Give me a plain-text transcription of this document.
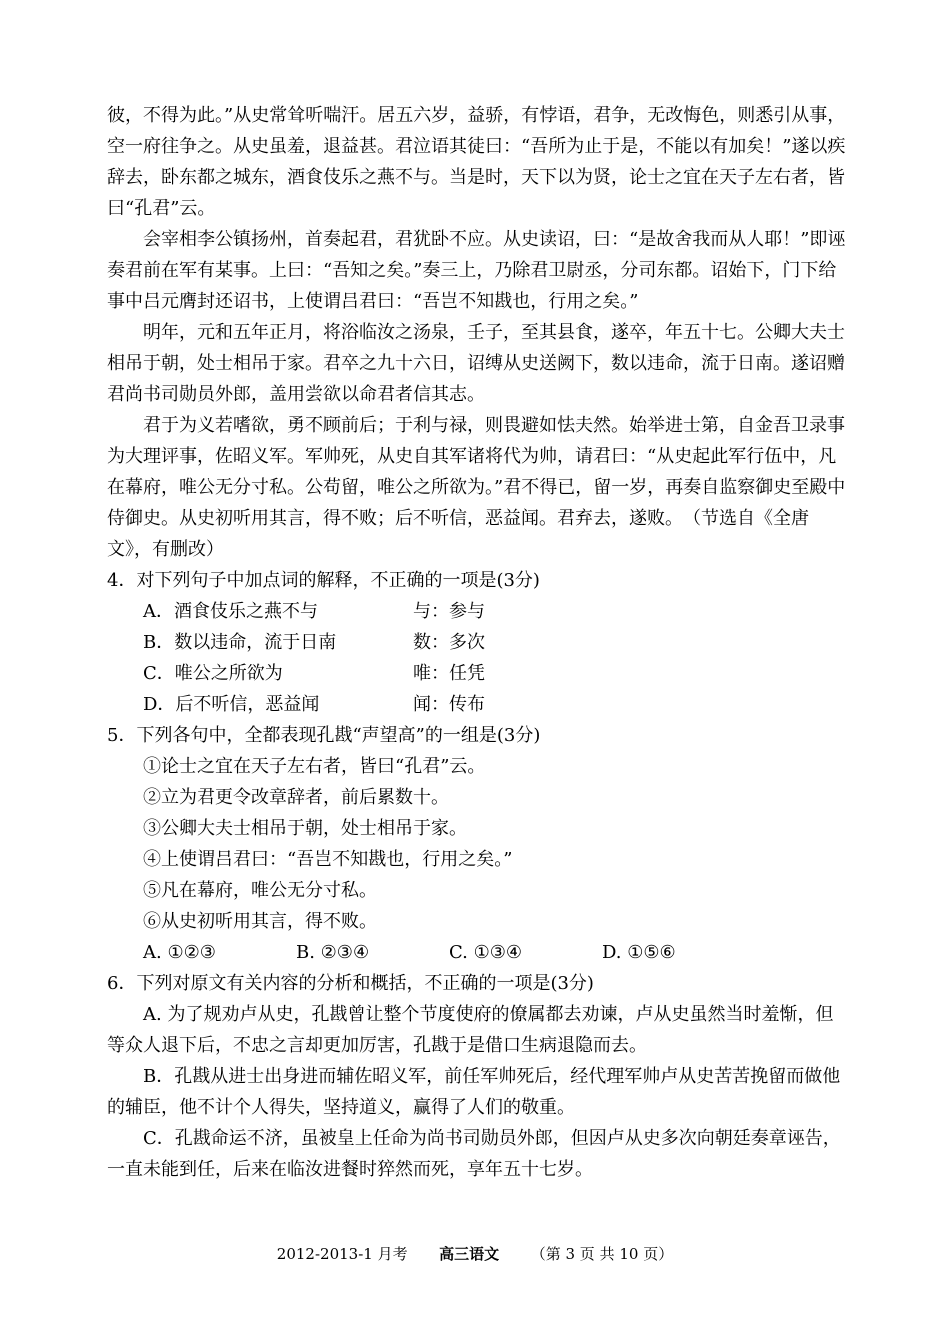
彼，不得为此。”从史常耸听喘汗。居五六岁，益骄，有悖语，君争，无改悔色，则悉引从事，空一府往争之。从史虽羞，退益甚。君泣语其徒曰：“吾所为止于是，不能以有加矣！”遂以疾辞去，卧东都之城东，酒食伎乐之燕不与。当是时，天下以为贤，论士之宜在天子左右者，皆曰“孔君”云。

会宰相李公镇扬州，首奏起君，君犹卧不应。从史读诏，曰：“是故舍我而从人耶！”即诬奏君前在军有某事。上曰：“吾知之矣。”奏三上，乃除君卫尉丞，分司东都。诏始下，门下给事中吕元膺封还诏书，上使谓吕君曰：“吾岂不知戡也，行用之矣。”

明年，元和五年正月，将浴临汝之汤泉，壬子，至其县食，遂卒，年五十七。公卿大夫士相吊于朝，处士相吊于家。君卒之九十六日，诏缚从史送阙下，数以违命，流于日南。遂诏赠君尚书司勋员外郎，盖用尝欲以命君者信其志。

君于为义若嗜欲，勇不顾前后；于利与禄，则畏避如怯夫然。始举进士第，自金吾卫录事为大理评事，佐昭义军。军帅死，从史自其军诸将代为帅，请君曰：“从史起此军行伍中，凡在幕府，唯公无分寸私。公苟留，唯公之所欲为。”君不得已，留一岁，再奏自监察御史至殿中侍御史。从史初听用其言，得不败；后不听信，恶益闻。君弃去，遂败。　（节选自《全唐文》，有删改）

4．对下列句子中加点词的解释，不正确的一项是(3分)

A．酒食伎乐之燕不与	与：参与
B．数以违命，流于日南	数：多次
C．唯公之所欲为	唯：任凭
D．后不听信，恶益闻	闻：传布

5．下列各句中，全都表现孔戡“声望高”的一组是(3分)

①论士之宜在天子左右者，皆曰“孔君”云。

②立为君更令改章辞者，前后累数十。

③公卿大夫士相吊于朝，处士相吊于家。

④上使谓吕君曰：“吾岂不知戡也，行用之矣。”

⑤凡在幕府，唯公无分寸私。

⑥从史初听用其言，得不败。

A. ①②③	B. ②③④	C. ①③④	D. ①⑤⑥

6．下列对原文有关内容的分析和概括，不正确的一项是(3分)

A. 为了规劝卢从史，孔戡曾让整个节度使府的僚属都去劝谏，卢从史虽然当时羞惭，但等众人退下后，不忠之言却更加厉害，孔戡于是借口生病退隐而去。

B．孔戡从进士出身进而辅佐昭义军，前任军帅死后，经代理军帅卢从史苦苦挽留而做他的辅臣，他不计个人得失，坚持道义，赢得了人们的敬重。

C．孔戡命运不济，虽被皇上任命为尚书司勋员外郎，但因卢从史多次向朝廷奏章诬告，一直未能到任，后来在临汝进餐时猝然而死，享年五十七岁。

2012-2013-1 月考 高三语文 （第 3 页 共 10 页）
